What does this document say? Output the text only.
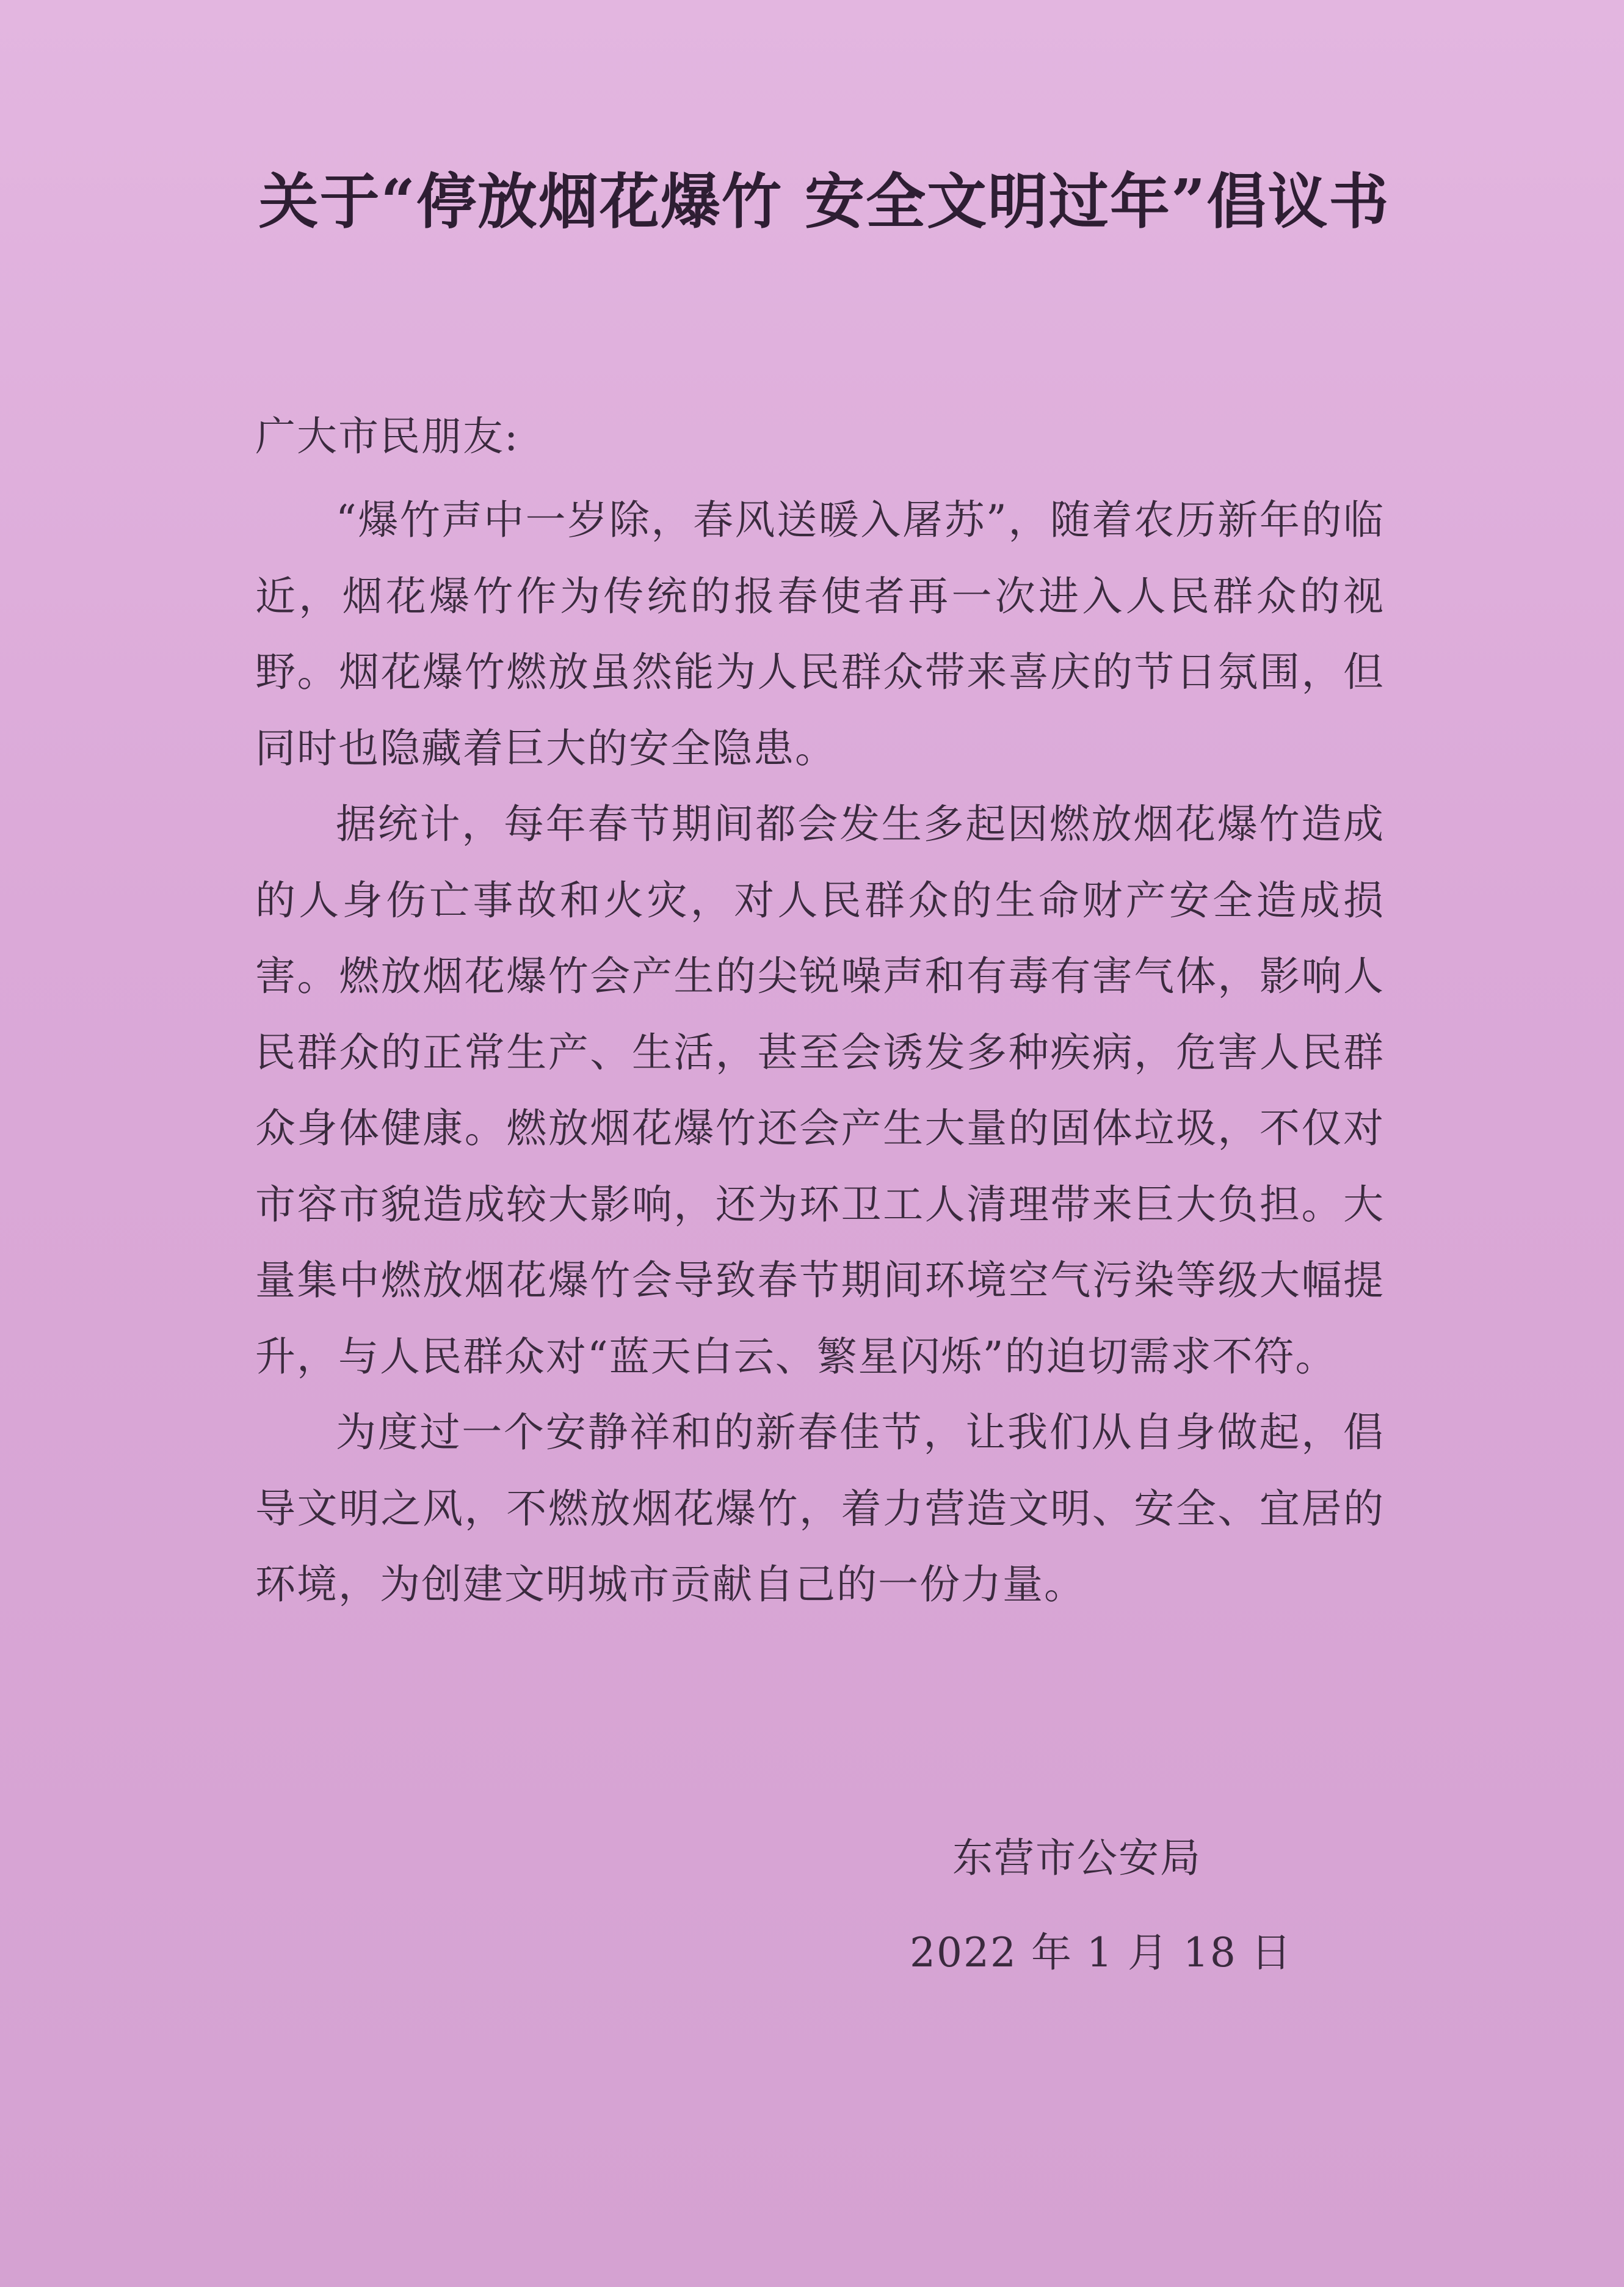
关于“停放烟花爆竹 安全文明过年”倡议书
广大市民朋友:

“爆竹声中一岁除，春风送暖入屠苏”，随着农历新年的临近，烟花爆竹作为传统的报春使者再一次进入人民群众的视野。烟花爆竹燃放虽然能为人民群众带来喜庆的节日氛围，但同时也隐藏着巨大的安全隐患。

据统计，每年春节期间都会发生多起因燃放烟花爆竹造成的人身伤亡事故和火灾，对人民群众的生命财产安全造成损害。燃放烟花爆竹会产生的尖锐噪声和有毒有害气体，影响人民群众的正常生产、生活，甚至会诱发多种疾病，危害人民群众身体健康。燃放烟花爆竹还会产生大量的固体垃圾，不仅对市容市貌造成较大影响，还为环卫工人清理带来巨大负担。大量集中燃放烟花爆竹会导致春节期间环境空气污染等级大幅提升，与人民群众对“蓝天白云、繁星闪烁”的迫切需求不符。

为度过一个安静祥和的新春佳节，让我们从自身做起，倡导文明之风，不燃放烟花爆竹，着力营造文明、安全、宜居的环境，为创建文明城市贡献自己的一份力量。

东营市公安局
2022 年 1 月 18 日
